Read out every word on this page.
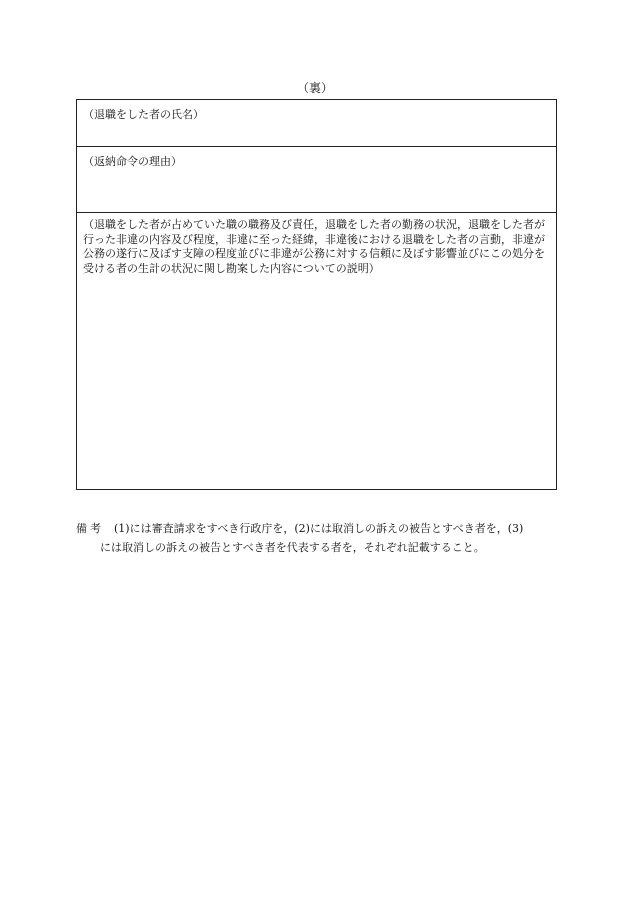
（裏）
（退職をした者の氏名）
（返納命令の理由）
（退職をした者が占めていた職の職務及び責任，退職をした者の勤務の状況，退職をした者が行った非違の内容及び程度，非違に至った経緯，非違後における退職をした者の言動，非違が公務の遂行に及ぼす支障の程度並びに非違が公務に対する信頼に及ぼす影響並びにこの処分を受ける者の生計の状況に関し勘案した内容についての説明）
備考 (1)には審査請求をすべき行政庁を，(2)には取消しの訴えの被告とすべき者を，(3)
には取消しの訴えの被告とすべき者を代表する者を，それぞれ記載すること。
